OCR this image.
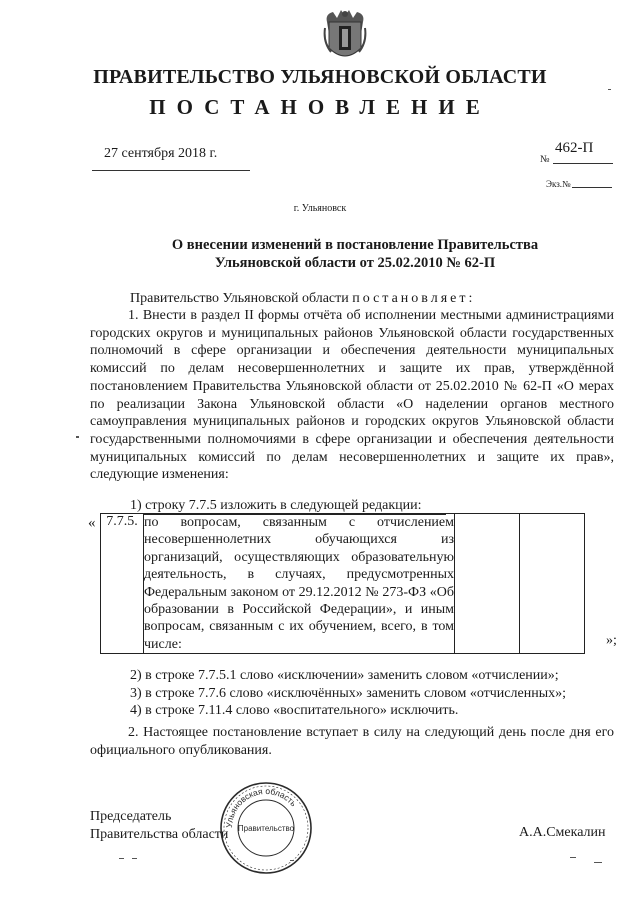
ПРАВИТЕЛЬСТВО УЛЬЯНОВСКОЙ ОБЛАСТИ
ПОСТАНОВЛЕНИЕ
27 сентября 2018 г.	№
462-П
Экз.№
г. Ульяновск
О внесении изменений в постановление Правительства
Ульяновской области от 25.02.2010 № 62-П
Правительство Ульяновской области постановляет:

1. Внести в раздел II формы отчёта об исполнении местными администрациями городских округов и муниципальных районов Ульяновской области государственных полномочий в сфере организации и обеспечения деятельности муниципальных комиссий по делам несовершеннолетних и защите их прав, утверждённой постановлением Правительства Ульяновской области от 25.02.2010 № 62-П «О мерах по реализации Закона Ульяновской области «О наделении органов местного самоуправления муниципальных районов и городских округов Ульяновской области государственными полномочиями в сфере организации и обеспечения деятельности муниципальных комиссий по делам несовершеннолетних и защите их прав», следующие изменения:

1) строку 7.7.5 изложить в следующей редакции:
« 7.7.5.	по вопросам, связанным с отчислением несовершеннолетних обучающихся из организаций, осуществляющих образовательную деятельность, в случаях, предусмотренных Федеральным законом от 29.12.2012 № 273-ФЗ «Об образовании в Российской Федерации», и иным вопросам, связанным с их обучением, всего, в том числе:			»;
2) в строке 7.7.5.1 слово «исключении» заменить словом «отчислении»;
3) в строке 7.7.6 слово «исключённых» заменить словом «отчисленных»;
4) в строке 7.11.4 слово «воспитательного» исключить.

2. Настоящее постановление вступает в силу на следующий день после дня его официального опубликования.

Председатель
Правительства области	А.А.Смекалин
Ульяновская область
Правительство
